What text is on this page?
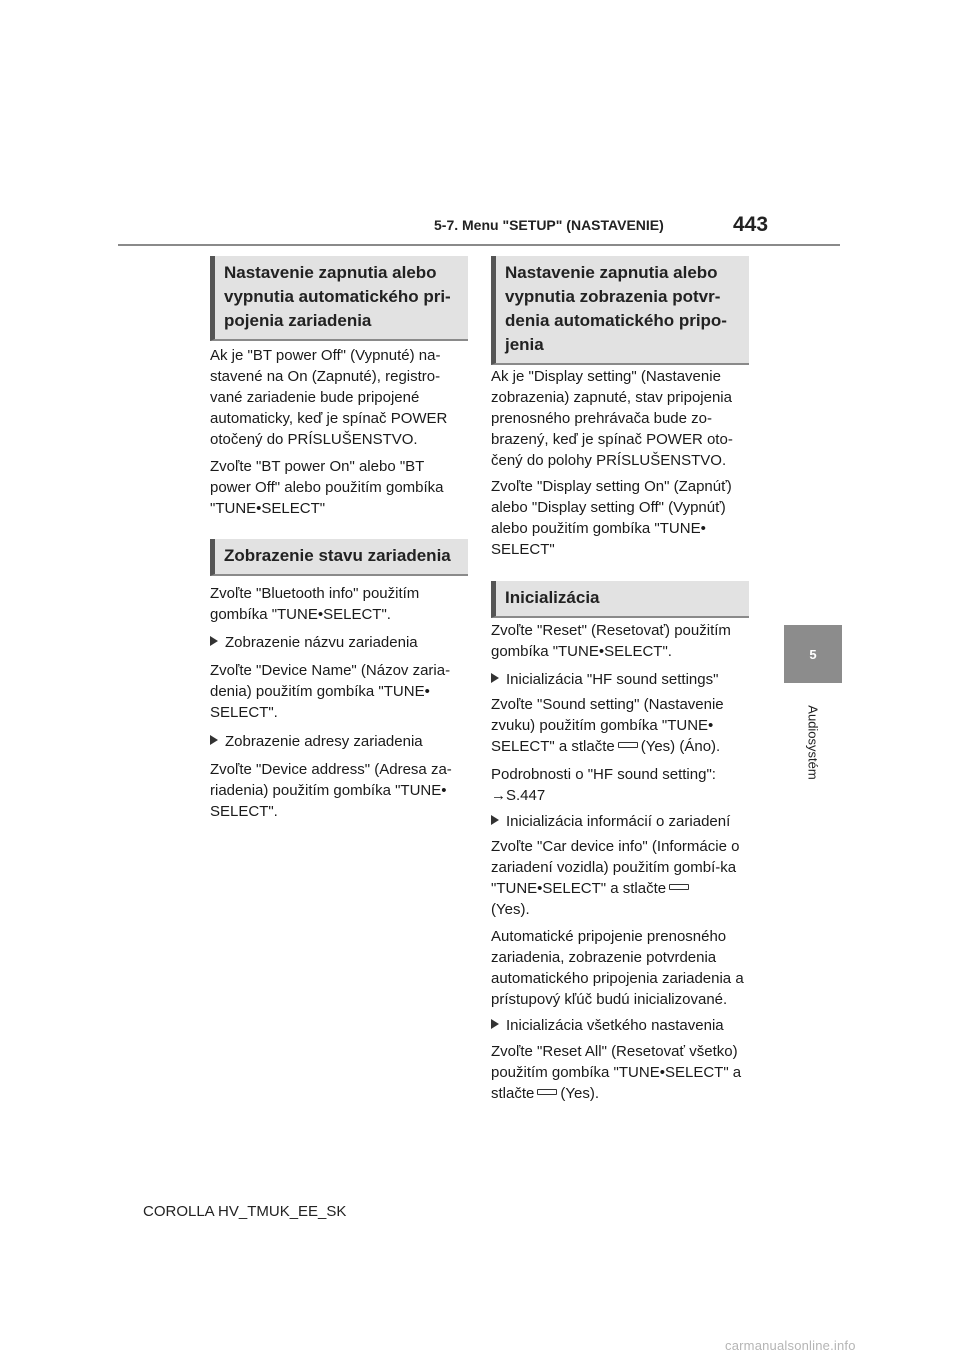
5-7. Menu "SETUP" (NASTAVENIE)	443
5
Audiosystém
Nastavenie zapnutia alebo vypnutia automatického pri-pojenia zariadenia

Ak je "BT power Off" (Vypnuté) na-stavené na On (Zapnuté), registro-vané zariadenie bude pripojené automaticky, keď je spínač POWER otočený do PRÍSLUŠENSTVO.

Zvoľte "BT power On" alebo "BT power Off" alebo použitím gombíka "TUNE•SELECT"

Zobrazenie stavu zariadenia

Zvoľte "Bluetooth info" použitím gombíka "TUNE•SELECT".

Zobrazenie názvu zariadenia

Zvoľte "Device Name" (Názov zaria-denia) použitím gombíka "TUNE• SELECT".

Zobrazenie adresy zariadenia

Zvoľte "Device address" (Adresa za-riadenia) použitím gombíka "TUNE• SELECT".

Nastavenie zapnutia alebo vypnutia zobrazenia potvr-denia automatického pripo-jenia

Ak je "Display setting" (Nastavenie zobrazenia) zapnuté, stav pripojenia prenosného prehrávača bude zo-brazený, keď je spínač POWER oto-čený do polohy PRÍSLUŠENSTVO.

Zvoľte "Display setting On" (Zapnúť) alebo "Display setting Off" (Vypnúť) alebo použitím gombíka "TUNE• SELECT"

Inicializácia

Zvoľte "Reset" (Resetovať) použitím gombíka "TUNE•SELECT".

Inicializácia "HF sound settings"

Zvoľte "Sound setting" (Nastavenie zvuku) použitím gombíka "TUNE• SELECT" a stlačte (Yes) (Áno).

Podrobnosti o "HF sound setting":
→S.447

Inicializácia informácií o zariadení

Zvoľte "Car device info" (Informácie o zariadení vozidla) použitím gombí-ka "TUNE•SELECT" a stlačte
(Yes).

Automatické pripojenie prenosného zariadenia, zobrazenie potvrdenia automatického pripojenia zariadenia a prístupový kľúč budú inicializované.

Inicializácia všetkého nastavenia

Zvoľte "Reset All" (Resetovať všetko) použitím gombíka "TUNE•SELECT" a stlačte (Yes).

COROLLA HV_TMUK_EE_SK
carmanualsonline.info
